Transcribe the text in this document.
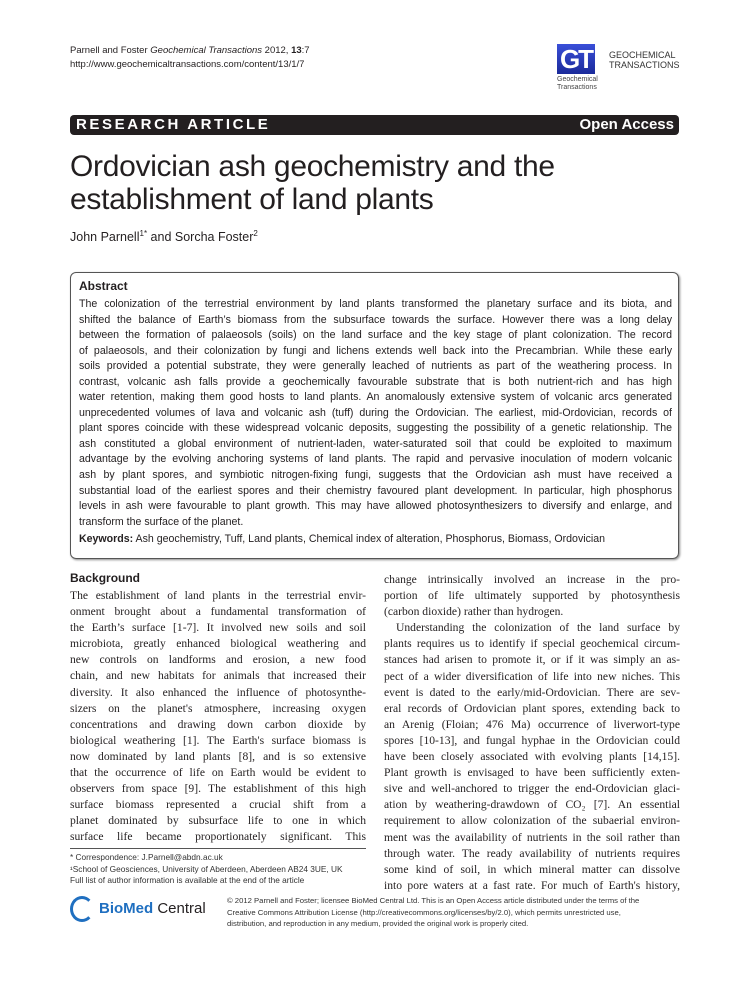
Parnell and Foster Geochemical Transactions 2012, 13:7
http://www.geochemicaltransactions.com/content/13/1/7	GT	GEOCHEMICAL
TRANSACTIONS
Geochemical
Transactions
RESEARCH ARTICLE	Open Access
Ordovician ash geochemistry and the
establishment of land plants
John Parnell$^{1*}$ and Sorcha Foster$^2$
Abstract
The colonization of the terrestrial environment by land plants transformed the planetary surface and its biota, and
shifted the balance of Earth’s biomass from the subsurface towards the surface. However there was a long delay
between the formation of palaeosols (soils) on the land surface and the key stage of plant colonization. The record
of palaeosols, and their colonization by fungi and lichens extends well back into the Precambrian. While these early
soils provided a potential substrate, they were generally leached of nutrients as part of the weathering process. In
contrast, volcanic ash falls provide a geochemically favourable substrate that is both nutrient-rich and has high
water retention, making them good hosts to land plants. An anomalously extensive system of volcanic arcs generated
unprecedented volumes of lava and volcanic ash (tuff) during the Ordovician. The earliest, mid-Ordovician, records of
plant spores coincide with these widespread volcanic deposits, suggesting the possibility of a genetic relationship. The
ash constituted a global environment of nutrient-laden, water-saturated soil that could be exploited to maximum
advantage by the evolving anchoring systems of land plants. The rapid and pervasive inoculation of modern volcanic
ash by plant spores, and symbiotic nitrogen-fixing fungi, suggests that the Ordovician ash must have received a
substantial load of the earliest spores and their chemistry favoured plant development. In particular, high phosphorus
levels in ash were favourable to plant growth. This may have allowed photosynthesizers to diversify and enlarge, and
transform the surface of the planet.
Keywords: Ash geochemistry, Tuff, Land plants, Chemical index of alteration, Phosphorus, Biomass, Ordovician
Background
The establishment of land plants in the terrestrial envir-
onment brought about a fundamental transformation of
the Earth’s surface [1-7]. It involved new soils and soil
microbiota, greatly enhanced biological weathering and
new controls on landforms and erosion, a new food
chain, and new habitats for animals that increased their
diversity. It also enhanced the influence of photosynthe-
sizers on the planet's atmosphere, increasing oxygen
concentrations and drawing down carbon dioxide by
biological weathering [1]. The Earth's surface biomass is
now dominated by land plants [8], and is so extensive
that the occurrence of life on Earth would be evident to
observers from space [9]. The establishment of this high
surface biomass represented a crucial shift from a
planet dominated by subsurface life to one in which
surface life became proportionately significant. This
change intrinsically involved an increase in the pro-
portion of life ultimately supported by photosynthesis
(carbon dioxide) rather than hydrogen.
Understanding the colonization of the land surface by
plants requires us to identify if special geochemical circum-
stances had arisen to promote it, or if it was simply an as-
pect of a wider diversification of life into new niches. This
event is dated to the early/mid-Ordovician. There are sev-
eral records of Ordovician plant spores, extending back to
an Arenig (Floian; 476 Ma) occurrence of liverwort-type
spores [10-13], and fungal hyphae in the Ordovician could
have been closely associated with evolving plants [14,15].
Plant growth is envisaged to have been sufficiently exten-
sive and well-anchored to trigger the end-Ordovician glaci-
ation by weathering-drawdown of CO₂ [7]. An essential
requirement to allow colonization of the subaerial environ-
ment was the availability of nutrients in the soil rather than
through water. The ready availability of nutrients requires
some kind of soil, in which mineral matter can dissolve
into pore waters at a fast rate. For much of Earth's history,
* Correspondence: J.Parnell@abdn.ac.uk
¹School of Geosciences, University of Aberdeen, Aberdeen AB24 3UE, UK
Full list of author information is available at the end of the article
BioMed Central	© 2012 Parnell and Foster; licensee BioMed Central Ltd. This is an Open Access article distributed under the terms of the
Creative Commons Attribution License (http://creativecommons.org/licenses/by/2.0), which permits unrestricted use,
distribution, and reproduction in any medium, provided the original work is properly cited.
